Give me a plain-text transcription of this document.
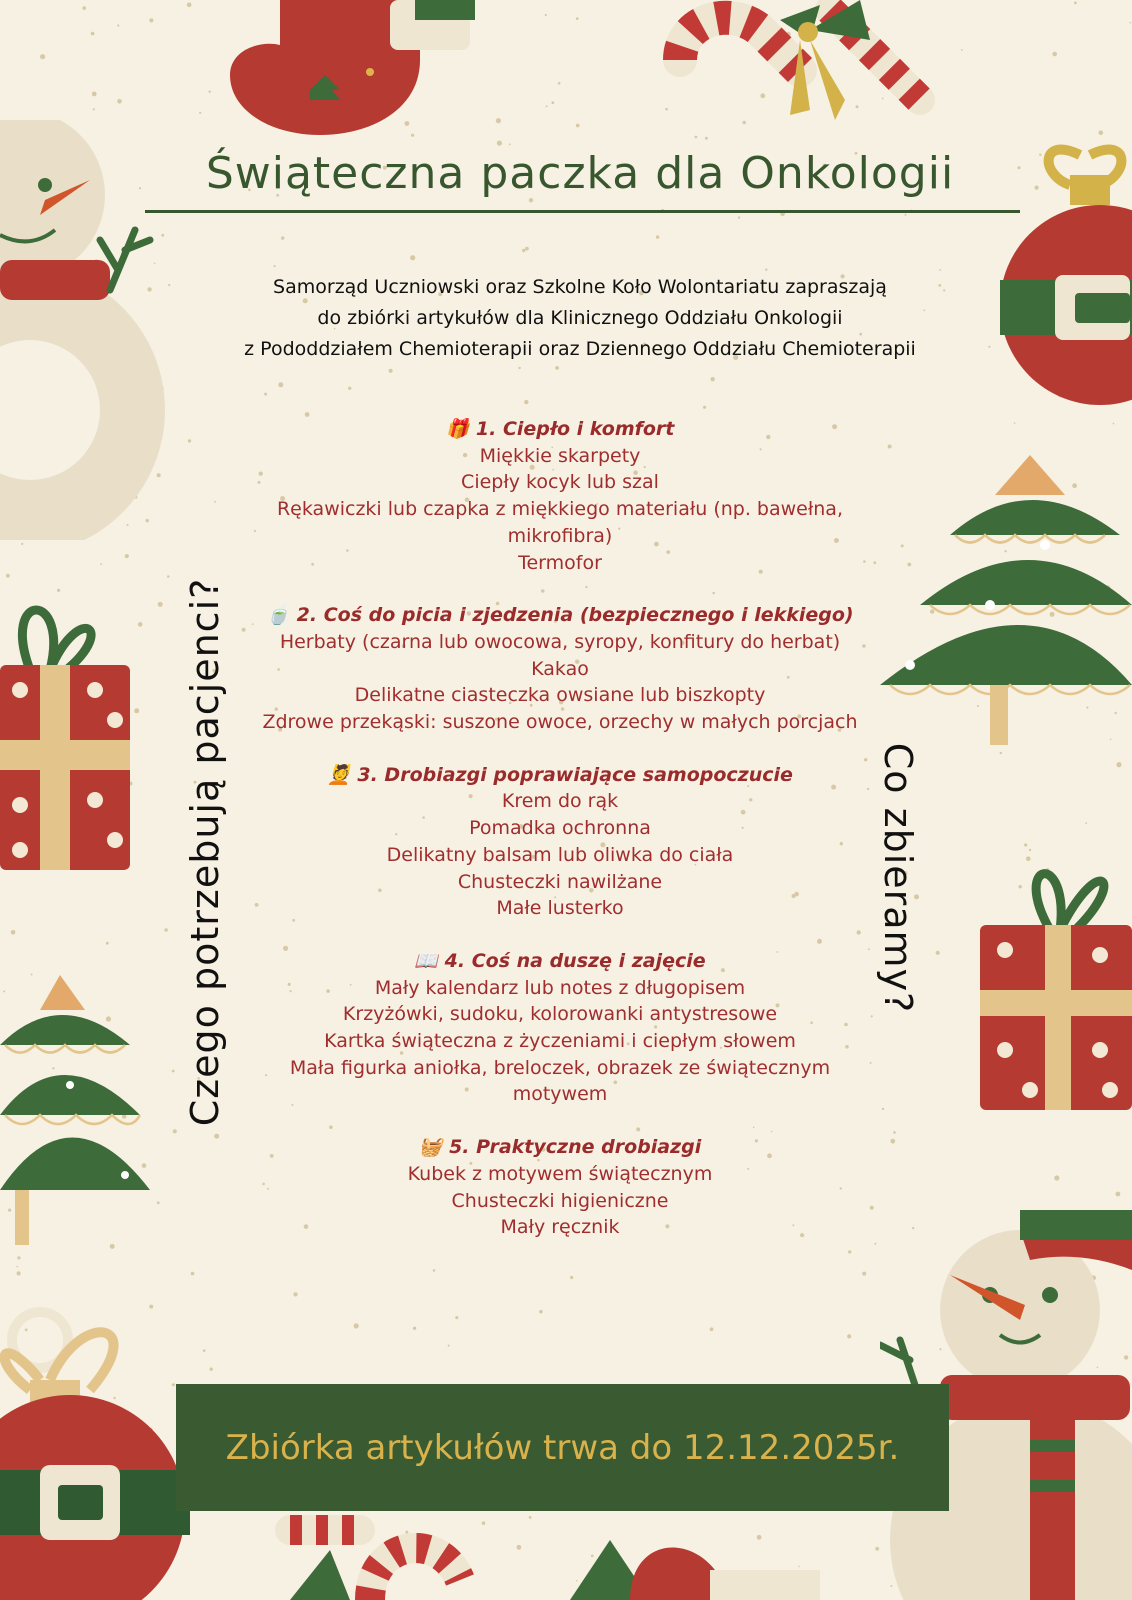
Świąteczna paczka dla Onkologii
Samorząd Uczniowski oraz Szkolne Koło Wolontariatu zapraszają
do zbiórki artykułów dla Klinicznego Oddziału Onkologii
z Pododdziałem Chemioterapii oraz Dziennego Oddziału Chemioterapii
🎁 1. Ciepło i komfort
Miękkie skarpety
Ciepły kocyk lub szal
Rękawiczki lub czapka z miękkiego materiału (np. bawełna, mikrofibra)
Termofor
🍵 2. Coś do picia i zjedzenia (bezpiecznego i lekkiego)
Herbaty (czarna lub owocowa, syropy, konfitury do herbat)
Kakao
Delikatne ciasteczka owsiane lub biszkopty
Zdrowe przekąski: suszone owoce, orzechy w małych porcjach
💆 3. Drobiazgi poprawiające samopoczucie
Krem do rąk
Pomadka ochronna
Delikatny balsam lub oliwka do ciała
Chusteczki nawilżane
Małe lusterko
📖 4. Coś na duszę i zajęcie
Mały kalendarz lub notes z długopisem
Krzyżówki, sudoku, kolorowanki antystresowe
Kartka świąteczna z życzeniami i ciepłym słowem
Mała figurka aniołka, breloczek, obrazek ze świątecznym motywem
🧺 5. Praktyczne drobiazgi
Kubek z motywem świątecznym
Chusteczki higieniczne
Mały ręcznik
Czego potrzebują pacjenci?	Co zbieramy?
Zbiórka artykułów trwa do 12.12.2025r.
